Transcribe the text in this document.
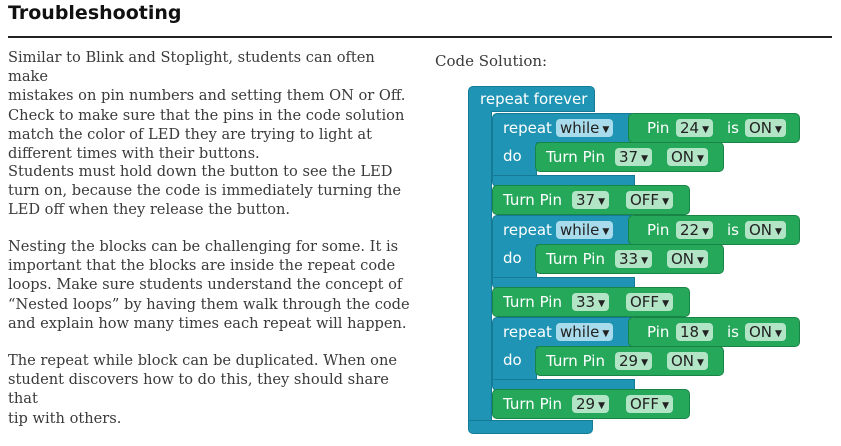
Troubleshooting

Similar to Blink and Stoplight, students can often make
mistakes on pin numbers and setting them ON or Off.
Check to make sure that the pins in the code solution
match the color of LED they are trying to light at
different times with their buttons.

Students must hold down the button to see the LED
turn on, because the code is immediately turning the
LED off when they release the button.

Nesting the blocks can be challenging for some. It is
important that the blocks are inside the repeat code
loops. Make sure students understand the concept of
“Nested loops” by having them walk through the code
and explain how many times each repeat will happen.

The repeat while block can be duplicated. When one
student discovers how to do this, they should share that
tip with others.

Code Solution:

repeat forever
repeat while ▼
do
Pin 24 ▼ is ON ▼
Turn Pin 37 ▼ ON ▼
Turn Pin 37 ▼ OFF ▼
repeat while ▼
do
Pin 22 ▼ is ON ▼
Turn Pin 33 ▼ ON ▼
Turn Pin 33 ▼ OFF ▼
repeat while ▼
do
Pin 18 ▼ is ON ▼
Turn Pin 29 ▼ ON ▼
Turn Pin 29 ▼ OFF ▼
